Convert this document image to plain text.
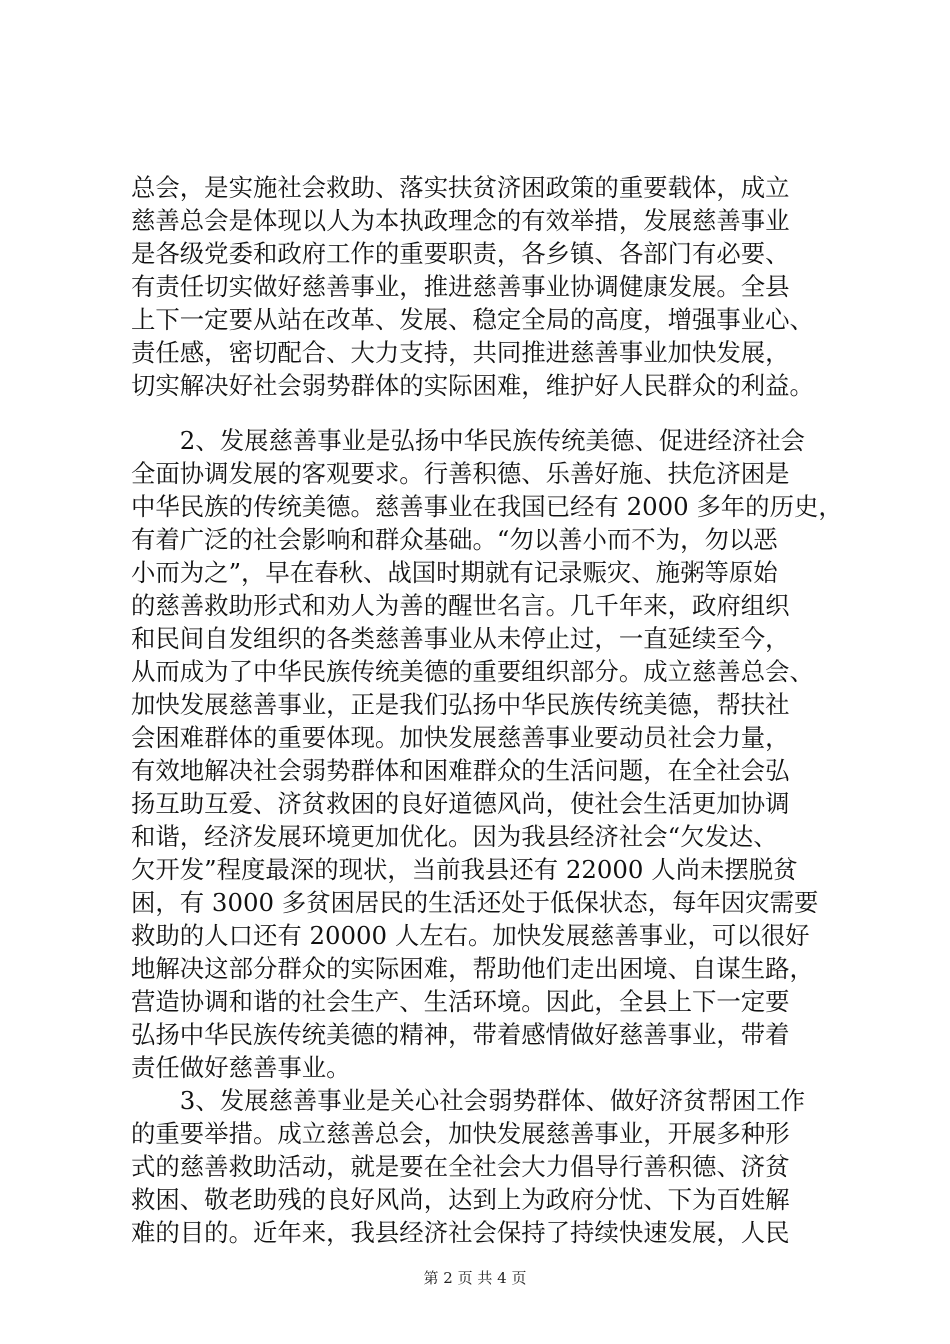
总会，是实施社会救助、落实扶贫济困政策的重要载体，成立
慈善总会是体现以人为本执政理念的有效举措，发展慈善事业
是各级党委和政府工作的重要职责，各乡镇、各部门有必要、
有责任切实做好慈善事业，推进慈善事业协调健康发展。全县
上下一定要从站在改革、发展、稳定全局的高度，增强事业心、
责任感，密切配合、大力支持，共同推进慈善事业加快发展，
切实解决好社会弱势群体的实际困难，维护好人民群众的利益。
　　2、发展慈善事业是弘扬中华民族传统美德、促进经济社会
全面协调发展的客观要求。行善积德、乐善好施、扶危济困是
中华民族的传统美德。慈善事业在我国已经有 2000 多年的历史，
有着广泛的社会影响和群众基础。“勿以善小而不为，勿以恶
小而为之”，早在春秋、战国时期就有记录赈灾、施粥等原始
的慈善救助形式和劝人为善的醒世名言。几千年来，政府组织
和民间自发组织的各类慈善事业从未停止过，一直延续至今，
从而成为了中华民族传统美德的重要组织部分。成立慈善总会、
加快发展慈善事业，正是我们弘扬中华民族传统美德，帮扶社
会困难群体的重要体现。加快发展慈善事业要动员社会力量，
有效地解决社会弱势群体和困难群众的生活问题，在全社会弘
扬互助互爱、济贫救困的良好道德风尚，使社会生活更加协调
和谐，经济发展环境更加优化。因为我县经济社会“欠发达、
欠开发”程度最深的现状，当前我县还有 22000 人尚未摆脱贫
困，有 3000 多贫困居民的生活还处于低保状态，每年因灾需要
救助的人口还有 20000 人左右。加快发展慈善事业，可以很好
地解决这部分群众的实际困难，帮助他们走出困境、自谋生路，
营造协调和谐的社会生产、生活环境。因此，全县上下一定要
弘扬中华民族传统美德的精神，带着感情做好慈善事业，带着
责任做好慈善事业。
　　3、发展慈善事业是关心社会弱势群体、做好济贫帮困工作
的重要举措。成立慈善总会，加快发展慈善事业，开展多种形
式的慈善救助活动，就是要在全社会大力倡导行善积德、济贫
救困、敬老助残的良好风尚，达到上为政府分忧、下为百姓解
难的目的。近年来，我县经济社会保持了持续快速发展，人民
第 2 页 共 4 页
